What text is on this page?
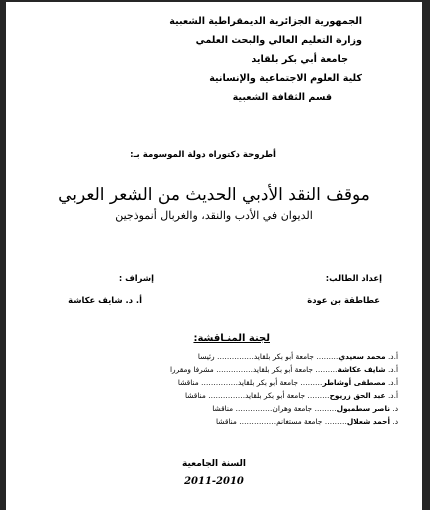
الجمهورية الجزائرية الديمقراطية الشعبية
وزارة التعليم العالي والبحث العلمي
جامعة أبي بكر بلقايد
كلية العلوم الاجتماعية والإنسانية
قسم الثقافة الشعبية
أطروحة دكتوراه دولة الموسومة بـ:
موقف النقد الأدبي الحديث من الشعر العربي
الديوان في الأدب والنقد، والغربال أنموذجين
إعداد الطالب:
عطاطقة بن عودة
إشراف :
أ. د. شايف عكاشة
لجنة المنـاقشة:
أ.د. محمد سعيدي……… جامعة أبو بكر بلقايد…………… رئيسا
أ.د. شايف عكاشة……… جامعة أبو بكر بلقايد…………… مشرفا ومقررا
أ.د. مصطفى أوشاطر……… جامعة أبو بكر بلقايد…………… مناقشا
أ.د. عبد الحق زريوح……… جامعة أبو بكر بلقايد…………… مناقشا
د. ناصر سطمبول……… جامعة وهران…………… مناقشا
د. أحمد شعلال……… جامعة مستغانم…………… مناقشا
السنة الجامعية
2011-2010
